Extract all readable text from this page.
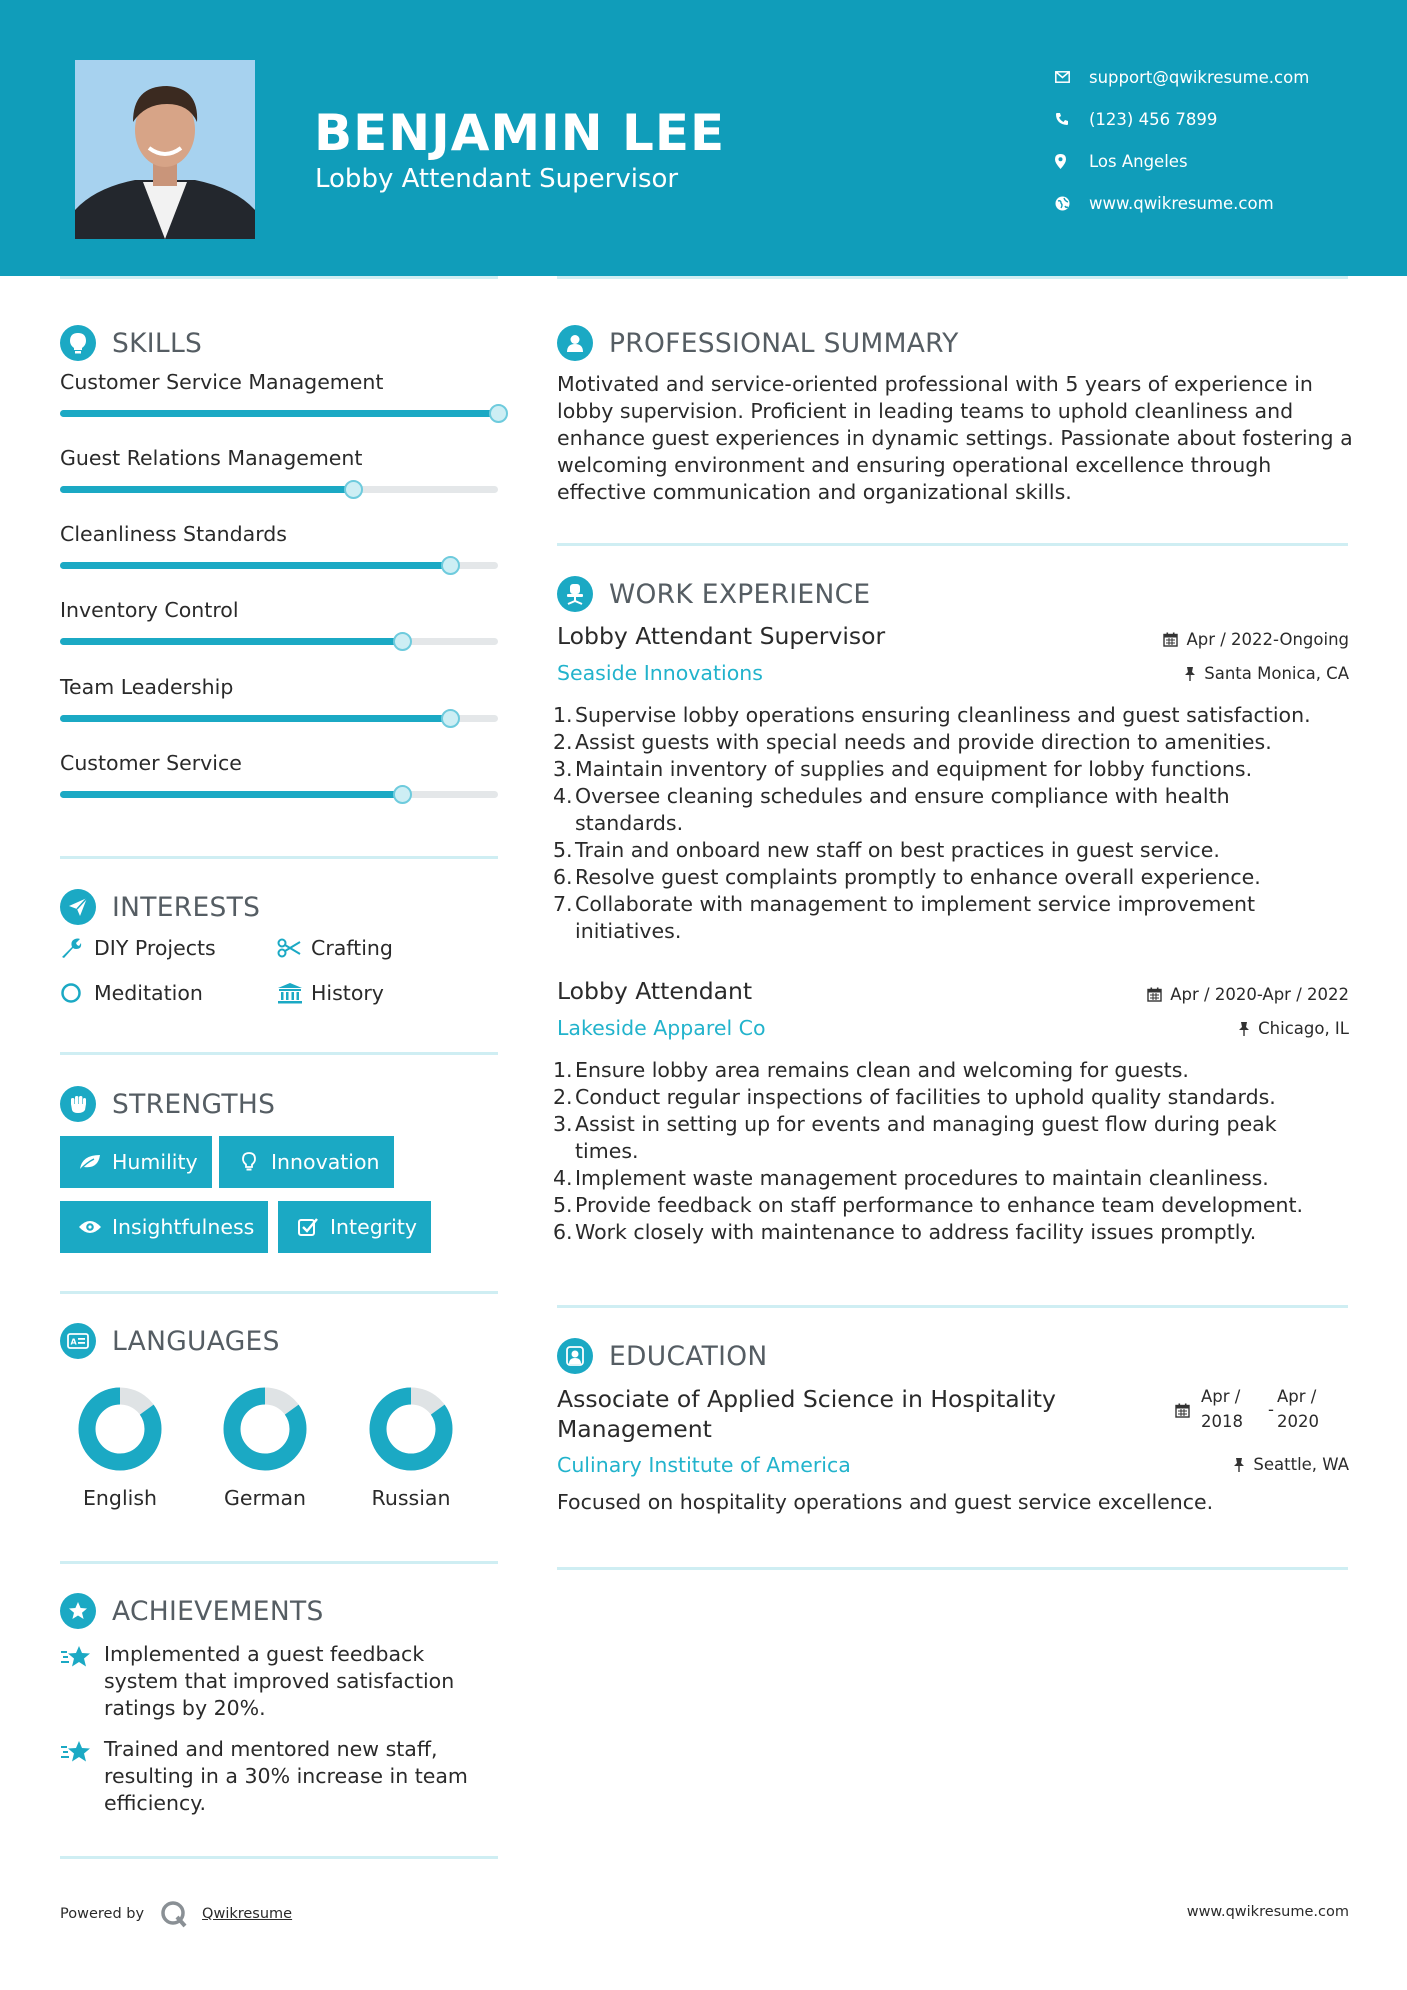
BENJAMIN LEE
Lobby Attendant Supervisor
support@qwikresume.com
(123) 456 7899
Los Angeles
www.qwikresume.com
SKILLS
Customer Service Management
Guest Relations Management
Cleanliness Standards
Inventory Control
Team Leadership
Customer Service
INTERESTS
DIY Projects	Crafting
Meditation	History
STRENGTHS
Humility	Innovation
Insightfulness	Integrity
A LANGUAGES
English	German	Russian
ACHIEVEMENTS
Implemented a guest feedback system that improved satisfaction ratings by 20%.
Trained and mentored new staff, resulting in a 30% increase in team efficiency.
PROFESSIONAL SUMMARY
Motivated and service-oriented professional with 5 years of experience in lobby supervision. Proficient in leading teams to uphold cleanliness and enhance guest experiences in dynamic settings. Passionate about fostering a welcoming environment and ensuring operational excellence through effective communication and organizational skills.
WORK EXPERIENCE
Lobby Attendant Supervisor	Apr / 2022-Ongoing
Seaside Innovations	Santa Monica, CA
1. Supervise lobby operations ensuring cleanliness and guest satisfaction.
2. Assist guests with special needs and provide direction to amenities.
3. Maintain inventory of supplies and equipment for lobby functions.
4. Oversee cleaning schedules and ensure compliance with health standards.
5. Train and onboard new staff on best practices in guest service.
6. Resolve guest complaints promptly to enhance overall experience.
7. Collaborate with management to implement service improvement initiatives.
Lobby Attendant	Apr / 2020-Apr / 2022
Lakeside Apparel Co	Chicago, IL
1. Ensure lobby area remains clean and welcoming for guests.
2. Conduct regular inspections of facilities to uphold quality standards.
3. Assist in setting up for events and managing guest flow during peak times.
4. Implement waste management procedures to maintain cleanliness.
5. Provide feedback on staff performance to enhance team development.
6. Work closely with maintenance to address facility issues promptly.
EDUCATION
Associate of Applied Science in Hospitality Management
Apr /
2018
-
Apr /
2020
Culinary Institute of America	Seattle, WA
Focused on hospitality operations and guest service excellence.
Powered by	Qwikresume	www.qwikresume.com
